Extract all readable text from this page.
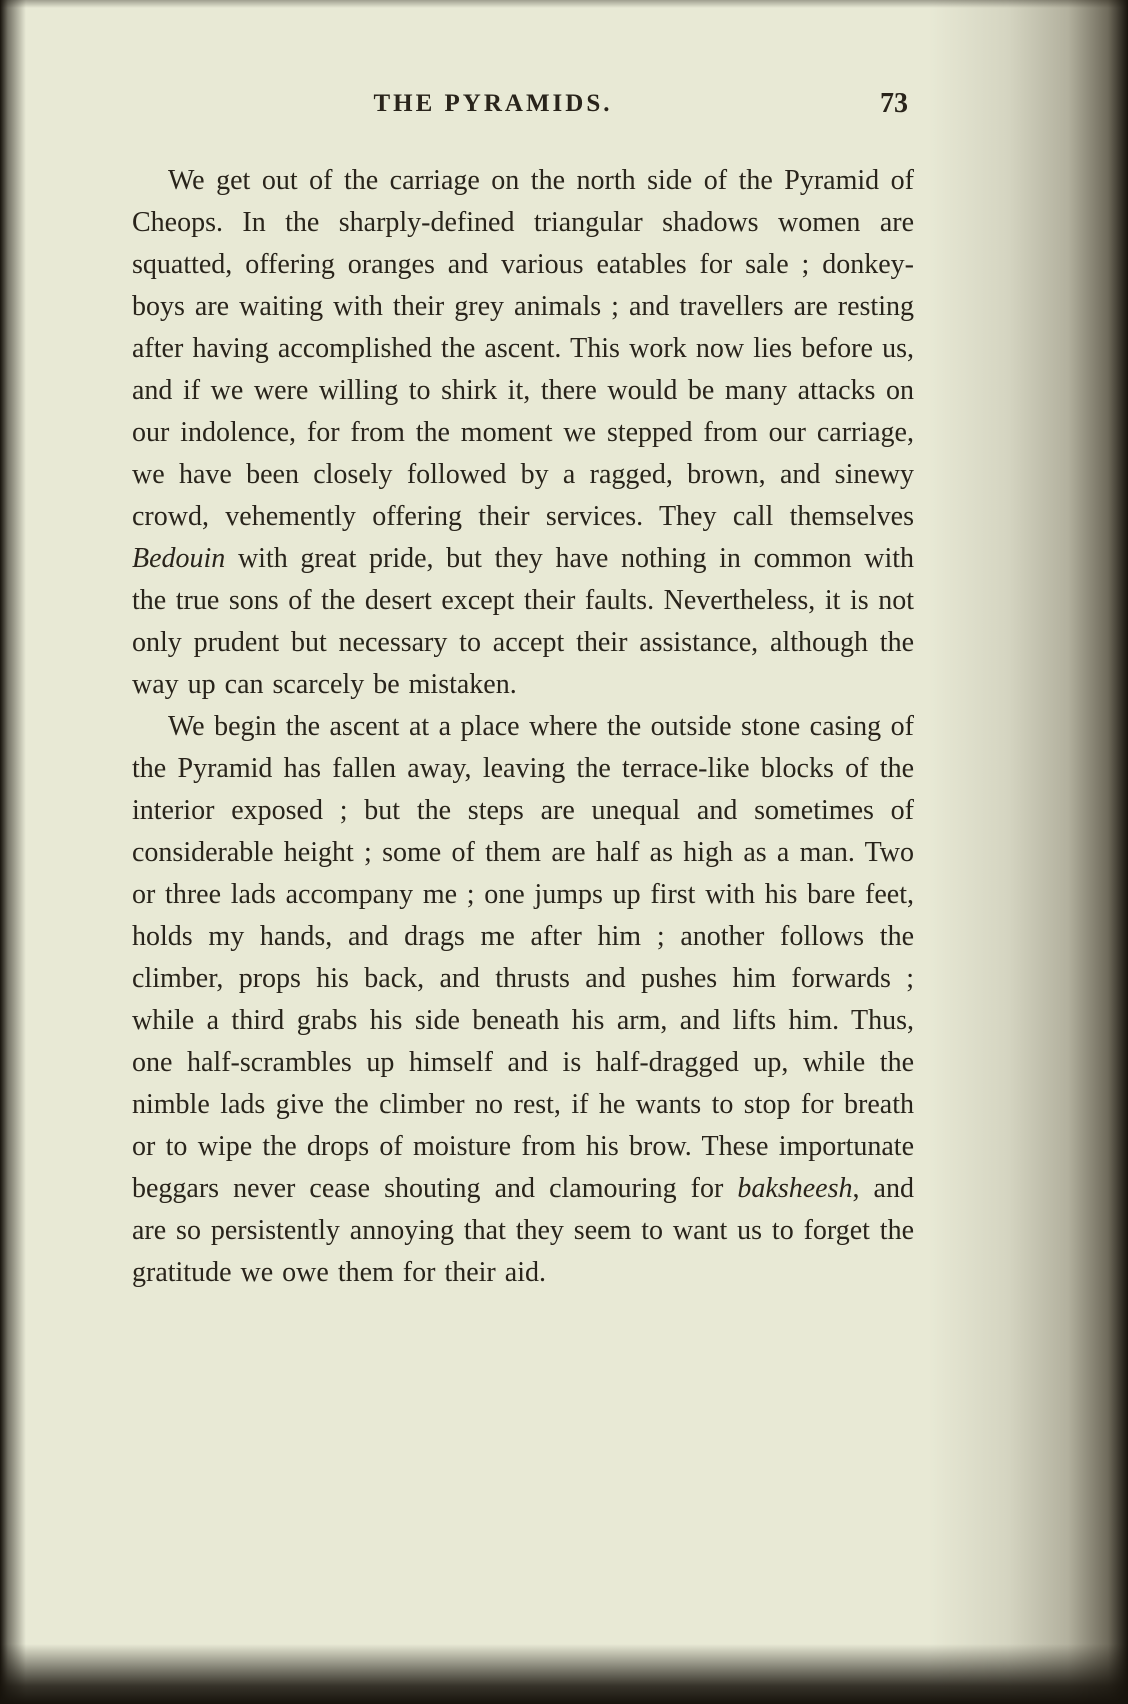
THE PYRAMIDS.	73

We get out of the carriage on the north side of the Pyramid of Cheops. In the sharply-defined triangular shadows women are squatted, offering oranges and various eatables for sale ; donkey-boys are waiting with their grey animals ; and travellers are resting after having accomplished the ascent. This work now lies before us, and if we were willing to shirk it, there would be many attacks on our indolence, for from the moment we stepped from our carriage, we have been closely followed by a ragged, brown, and sinewy crowd, vehemently offering their services. They call themselves Bedouin with great pride, but they have nothing in common with the true sons of the desert except their faults. Nevertheless, it is not only prudent but necessary to accept their assistance, although the way up can scarcely be mistaken.

We begin the ascent at a place where the outside stone casing of the Pyramid has fallen away, leaving the terrace-like blocks of the interior exposed ; but the steps are unequal and sometimes of considerable height ; some of them are half as high as a man. Two or three lads accompany me ; one jumps up first with his bare feet, holds my hands, and drags me after him ; another follows the climber, props his back, and thrusts and pushes him forwards ; while a third grabs his side beneath his arm, and lifts him. Thus, one half-scrambles up himself and is half-dragged up, while the nimble lads give the climber no rest, if he wants to stop for breath or to wipe the drops of moisture from his brow. These importunate beggars never cease shouting and clamouring for baksheesh, and are so persistently annoying that they seem to want us to forget the gratitude we owe them for their aid.
